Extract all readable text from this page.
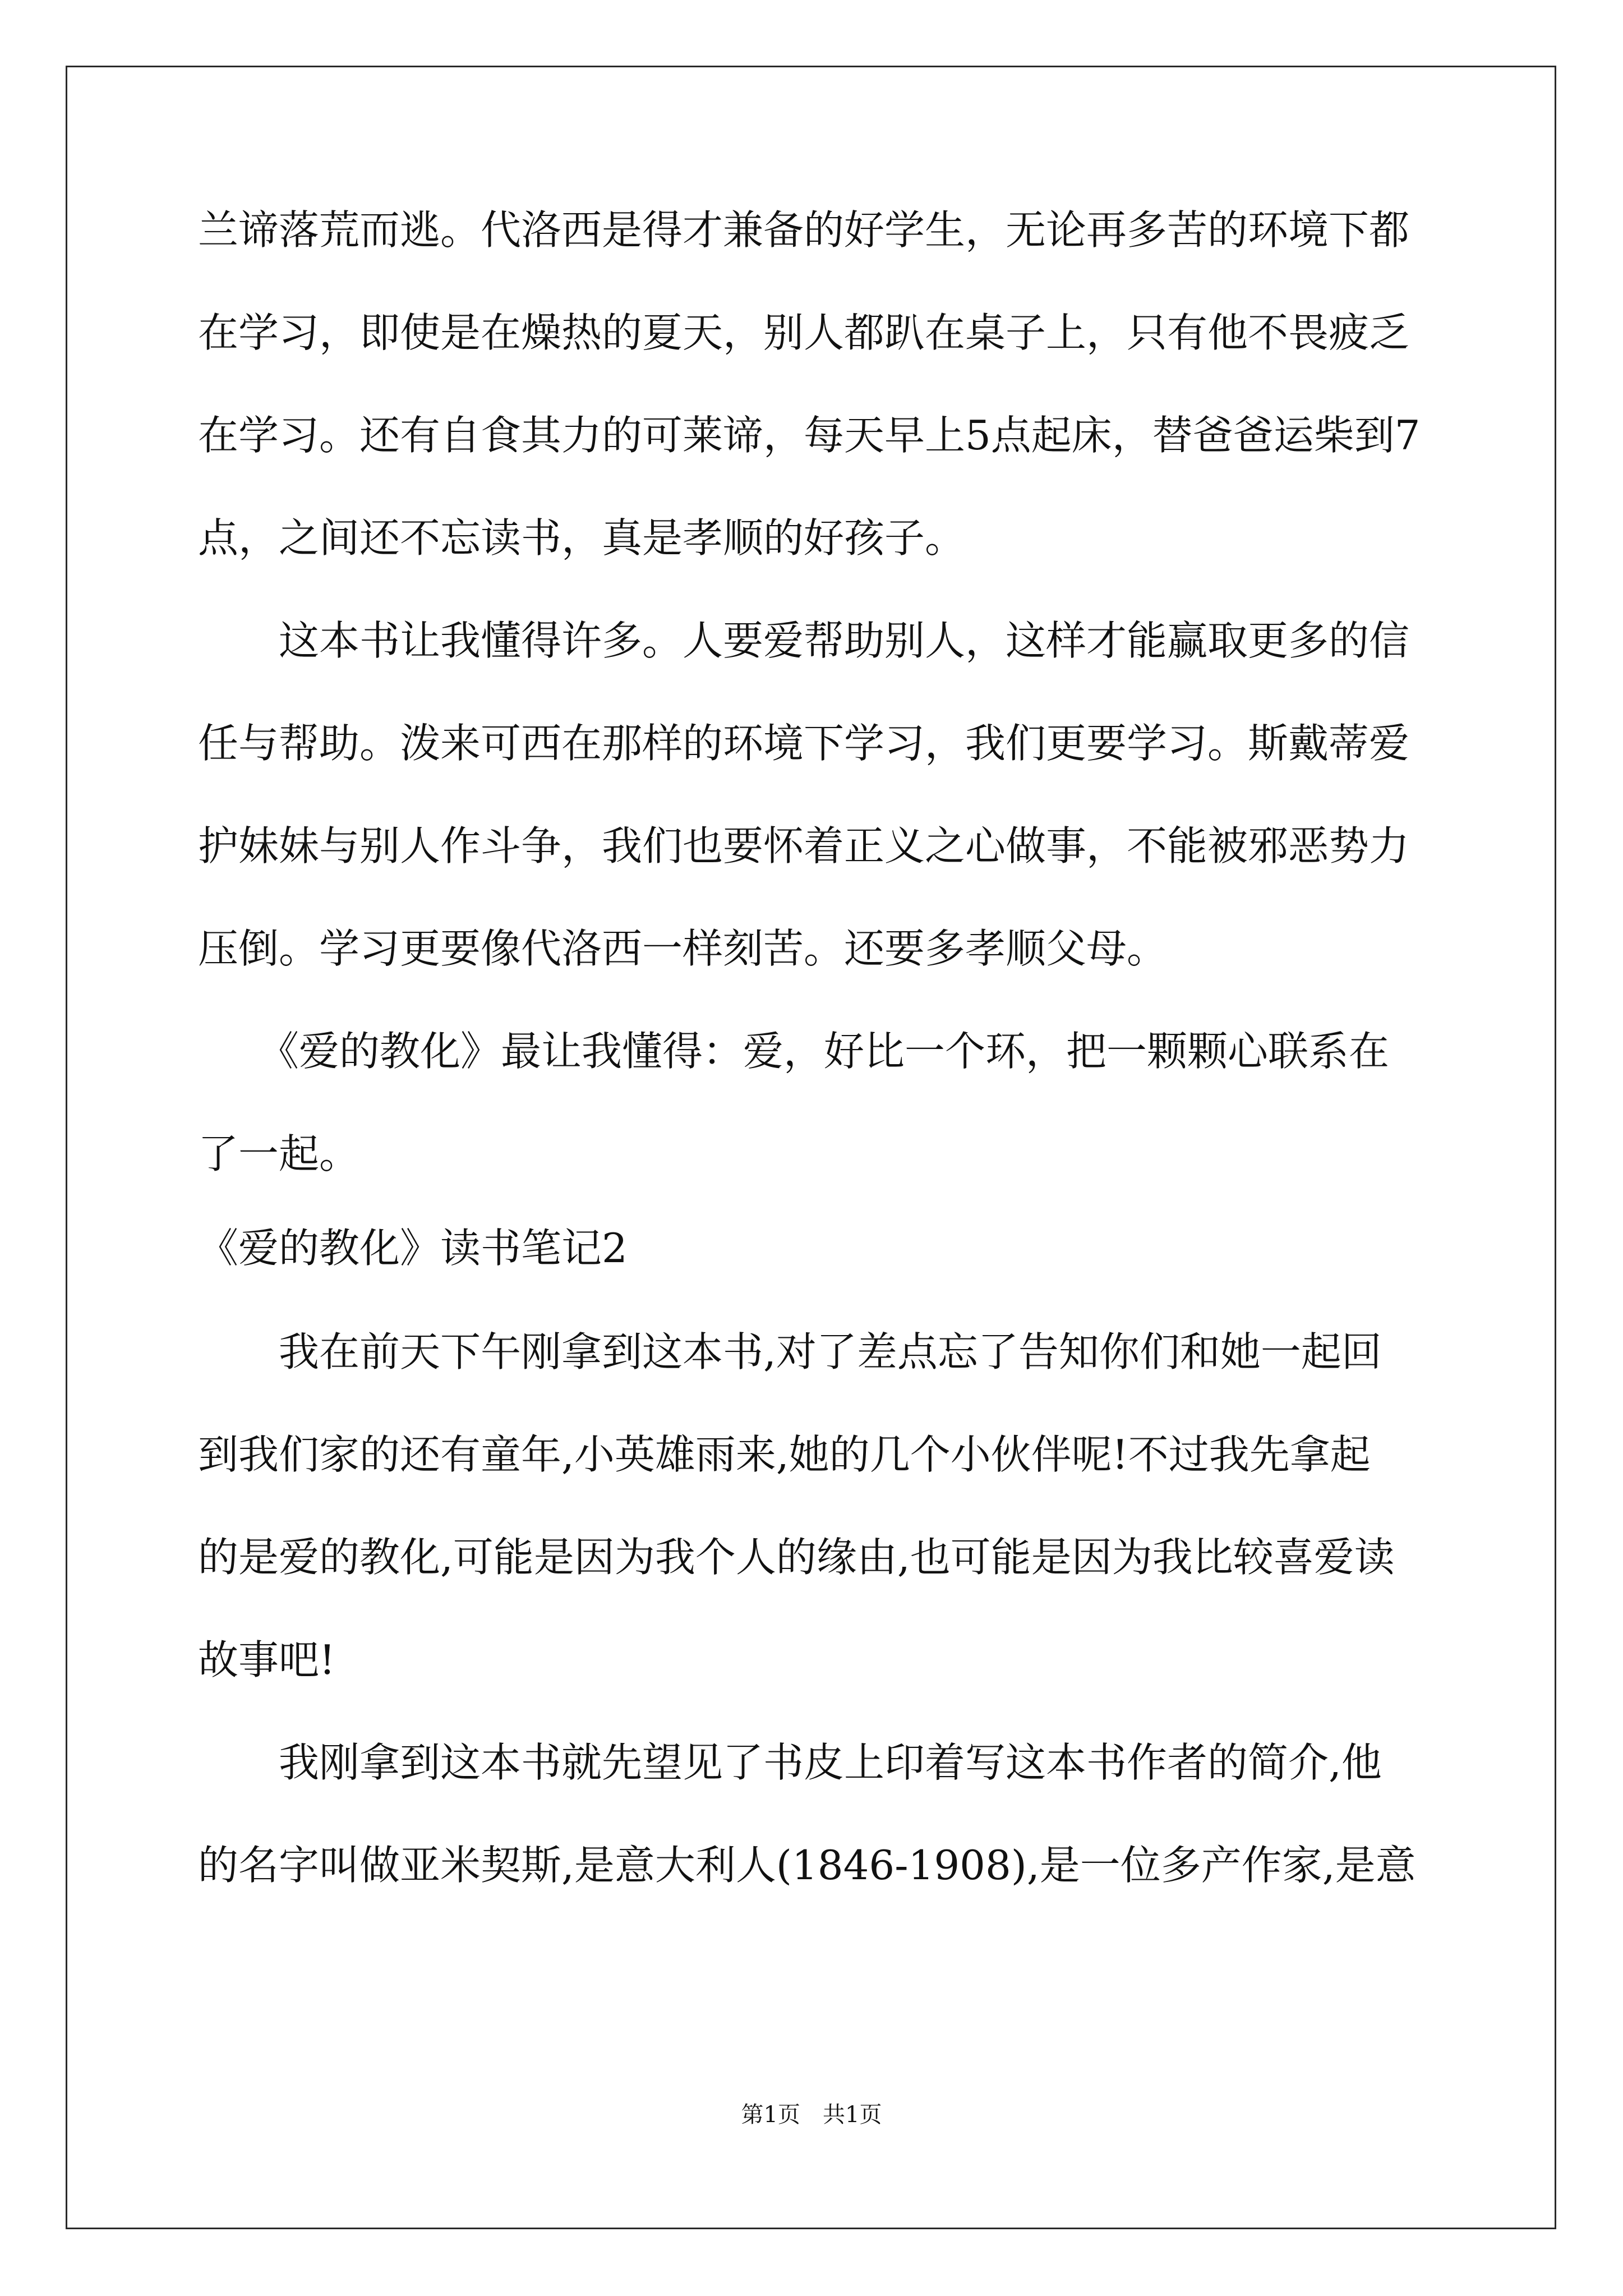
兰谛落荒而逃。代洛西是得才兼备的好学生，无论再多苦的环境下都
在学习，即使是在燥热的夏天，别人都趴在桌子上，只有他不畏疲乏
在学习。还有自食其力的可莱谛，每天早上5点起床，替爸爸运柴到7
点，之间还不忘读书，真是孝顺的好孩子。
　　这本书让我懂得许多。人要爱帮助别人，这样才能赢取更多的信
任与帮助。泼来可西在那样的环境下学习，我们更要学习。斯戴蒂爱
护妹妹与别人作斗争，我们也要怀着正义之心做事，不能被邪恶势力
压倒。学习更要像代洛西一样刻苦。还要多孝顺父母。
　　《爱的教化》最让我懂得：爱，好比一个环，把一颗颗心联系在
了一起。
《爱的教化》读书笔记2
　　我在前天下午刚拿到这本书,对了差点忘了告知你们和她一起回
到我们家的还有童年,小英雄雨来,她的几个小伙伴呢!不过我先拿起
的是爱的教化,可能是因为我个人的缘由,也可能是因为我比较喜爱读
故事吧!
　　我刚拿到这本书就先望见了书皮上印着写这本书作者的简介,他
的名字叫做亚米契斯,是意大利人(1846-1908),是一位多产作家,是意
第1页　共1页
